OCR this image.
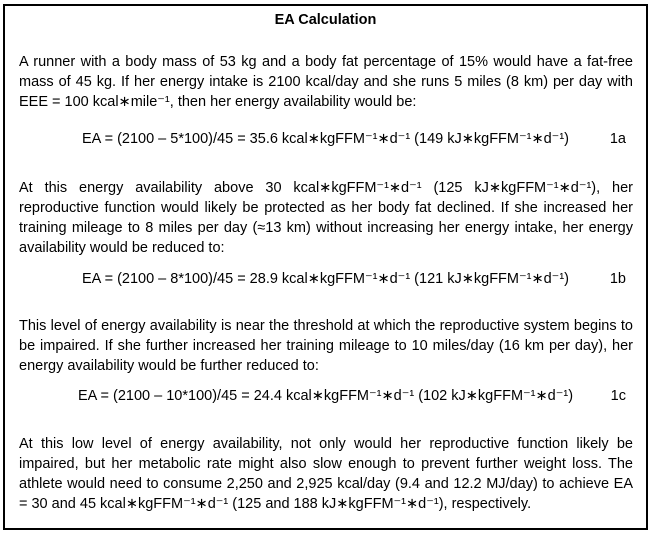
EA Calculation
A runner with a body mass of 53 kg and a body fat percentage of 15% would have a fat-free mass of 45 kg. If her energy intake is 2100 kcal/day and she runs 5 miles (8 km) per day with EEE = 100 kcal∗mile⁻¹, then her energy availability would be:
EA = (2100 – 5*100)/45 = 35.6 kcal∗kgFFM⁻¹∗d⁻¹ (149 kJ∗kgFFM⁻¹∗d⁻¹)	1a
At this energy availability above 30 kcal∗kgFFM⁻¹∗d⁻¹ (125 kJ∗kgFFM⁻¹∗d⁻¹), her reproductive function would likely be protected as her body fat declined. If she increased her training mileage to 8 miles per day (≈13 km) without increasing her energy intake, her energy availability would be reduced to:
EA = (2100 – 8*100)/45 = 28.9 kcal∗kgFFM⁻¹∗d⁻¹ (121 kJ∗kgFFM⁻¹∗d⁻¹)	1b
This level of energy availability is near the threshold at which the reproductive system begins to be impaired. If she further increased her training mileage to 10 miles/day (16 km per day), her energy availability would be further reduced to:
EA = (2100 – 10*100)/45 = 24.4 kcal∗kgFFM⁻¹∗d⁻¹ (102 kJ∗kgFFM⁻¹∗d⁻¹)	1c
At this low level of energy availability, not only would her reproductive function likely be impaired, but her metabolic rate might also slow enough to prevent further weight loss. The athlete would need to consume 2,250 and 2,925 kcal/day (9.4 and 12.2 MJ/day) to achieve EA = 30 and 45 kcal∗kgFFM⁻¹∗d⁻¹ (125 and 188 kJ∗kgFFM⁻¹∗d⁻¹), respectively.
